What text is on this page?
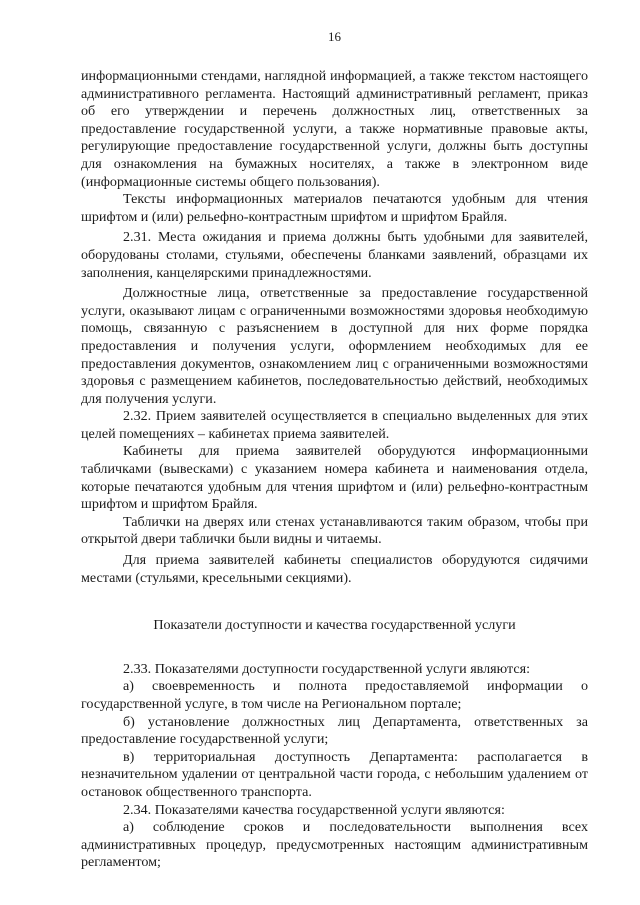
16

информационными стендами, наглядной информацией, а также текстом настоящего административного регламента. Настоящий административный регламент, приказ об его утверждении и перечень должностных лиц, ответственных за предоставление государственной услуги, а также нормативные правовые акты, регулирующие предоставление государственной услуги, должны быть доступны для ознакомления на бумажных носителях, а также в электронном виде (информационные системы общего пользования).

Тексты информационных материалов печатаются удобным для чтения шрифтом и (или) рельефно-контрастным шрифтом и шрифтом Брайля.

2.31. Места ожидания и приема должны быть удобными для заявителей, оборудованы столами, стульями, обеспечены бланками заявлений, образцами их заполнения, канцелярскими принадлежностями.

Должностные лица, ответственные за предоставление государственной услуги, оказывают лицам с ограниченными возможностями здоровья необходимую помощь, связанную с разъяснением в доступной для них форме порядка предоставления и получения услуги, оформлением необходимых для ее предоставления документов, ознакомлением лиц с ограниченными возможностями здоровья с размещением кабинетов, последовательностью действий, необходимых для получения услуги.

2.32. Прием заявителей осуществляется в специально выделенных для этих целей помещениях – кабинетах приема заявителей.

Кабинеты для приема заявителей оборудуются информационными табличками (вывесками) с указанием номера кабинета и наименования отдела, которые печатаются удобным для чтения шрифтом и (или) рельефно-контрастным шрифтом и шрифтом Брайля.

Таблички на дверях или стенах устанавливаются таким образом, чтобы при открытой двери таблички были видны и читаемы.

Для приема заявителей кабинеты специалистов оборудуются сидячими местами (стульями, кресельными секциями).

Показатели доступности и качества государственной услуги

2.33. Показателями доступности государственной услуги являются:

а) своевременность и полнота предоставляемой информации о государственной услуге, в том числе на Региональном портале;

б) установление должностных лиц Департамента, ответственных за предоставление государственной услуги;

в) территориальная доступность Департамента: располагается в незначительном удалении от центральной части города, с небольшим удалением от остановок общественного транспорта.

2.34. Показателями качества государственной услуги являются:

а) соблюдение сроков и последовательности выполнения всех административных процедур, предусмотренных настоящим административным регламентом;
